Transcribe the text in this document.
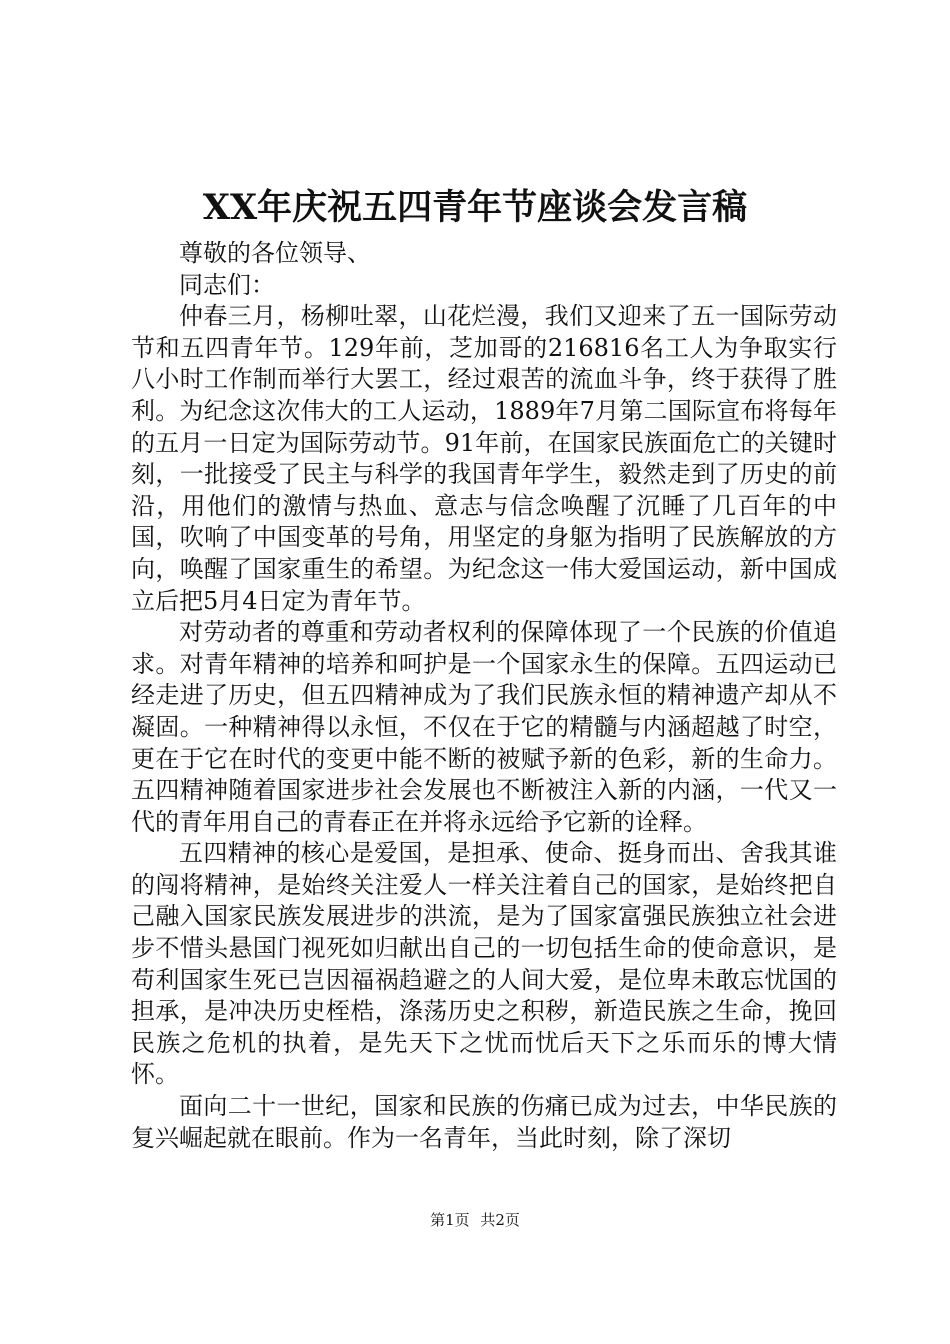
XX年庆祝五四青年节座谈会发言稿

尊敬的各位领导、

同志们：

仲春三月，杨柳吐翠，山花烂漫，我们又迎来了五一国际劳动节和五四青年节。129年前，芝加哥的216816名工人为争取实行八小时工作制而举行大罢工，经过艰苦的流血斗争，终于获得了胜利。为纪念这次伟大的工人运动，1889年7月第二国际宣布将每年的五月一日定为国际劳动节。91年前，在国家民族面危亡的关键时刻，一批接受了民主与科学的我国青年学生，毅然走到了历史的前沿，用他们的激情与热血、意志与信念唤醒了沉睡了几百年的中国，吹响了中国变革的号角，用坚定的身躯为指明了民族解放的方向，唤醒了国家重生的希望。为纪念这一伟大爱国运动，新中国成立后把5月4日定为青年节。

对劳动者的尊重和劳动者权利的保障体现了一个民族的价值追求。对青年精神的培养和呵护是一个国家永生的保障。五四运动已经走进了历史，但五四精神成为了我们民族永恒的精神遗产却从不凝固。一种精神得以永恒，不仅在于它的精髓与内涵超越了时空，更在于它在时代的变更中能不断的被赋予新的色彩，新的生命力。五四精神随着国家进步社会发展也不断被注入新的内涵，一代又一代的青年用自己的青春正在并将永远给予它新的诠释。

五四精神的核心是爱国，是担承、使命、挺身而出、舍我其谁的闯将精神，是始终关注爱人一样关注着自己的国家，是始终把自己融入国家民族发展进步的洪流，是为了国家富强民族独立社会进步不惜头悬国门视死如归献出自己的一切包括生命的使命意识，是苟利国家生死已岂因福祸趋避之的人间大爱，是位卑未敢忘忧国的担承，是冲决历史桎梏，涤荡历史之积秽，新造民族之生命，挽回民族之危机的执着，是先天下之忧而忧后天下之乐而乐的博大情怀。

面向二十一世纪，国家和民族的伤痛已成为过去，中华民族的复兴崛起就在眼前。作为一名青年，当此时刻，除了深切

第1页 共2页
